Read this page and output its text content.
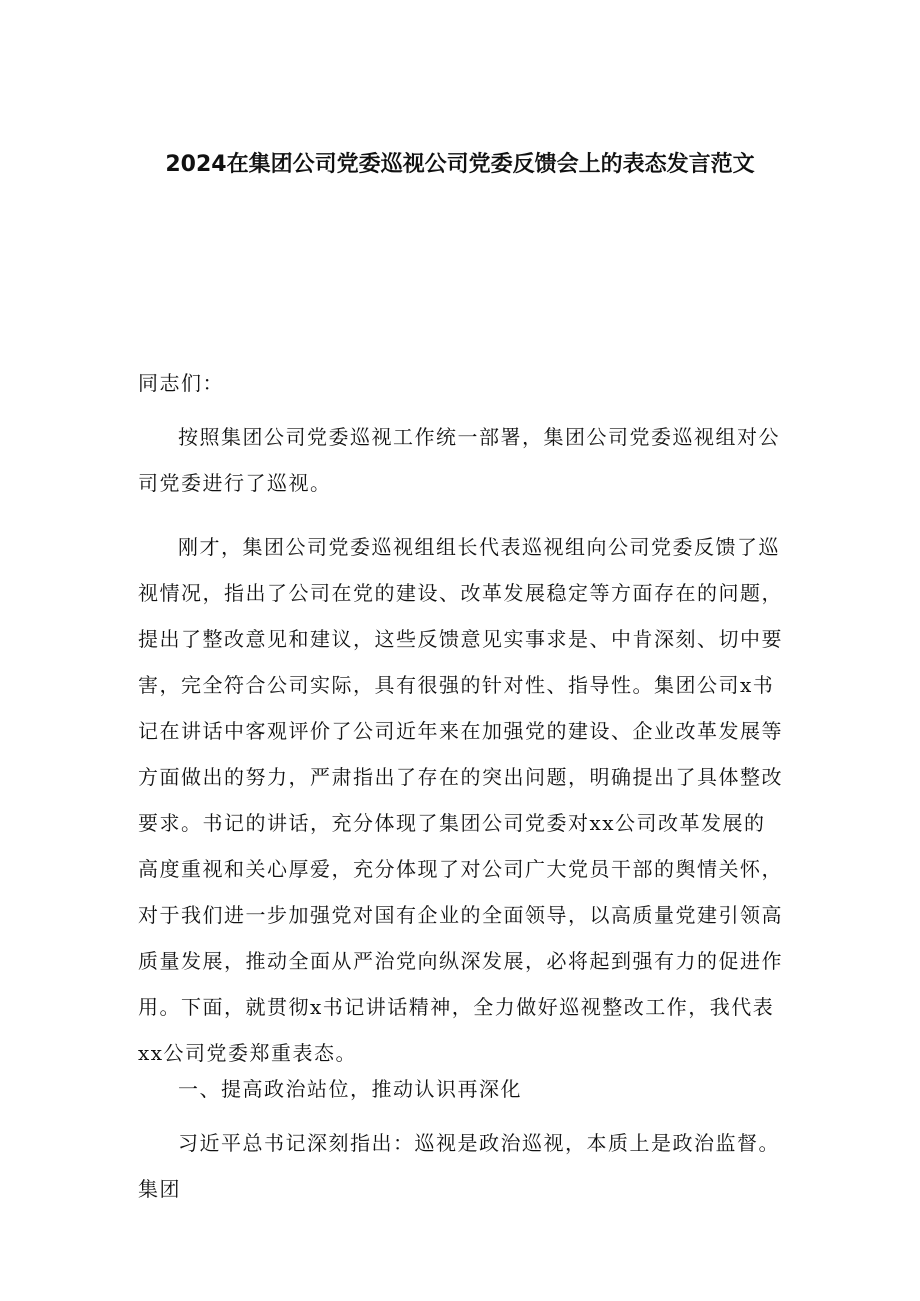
2024在集团公司党委巡视公司党委反馈会上的表态发言范文

同志们：

按照集团公司党委巡视工作统一部署，集团公司党委巡视组对公司党委进行了巡视。

刚才，集团公司党委巡视组组长代表巡视组向公司党委反馈了巡视情况，指出了公司在党的建设、改革发展稳定等方面存在的问题，提出了整改意见和建议，这些反馈意见实事求是、中肯深刻、切中要害，完全符合公司实际，具有很强的针对性、指导性。集团公司x书记在讲话中客观评价了公司近年来在加强党的建设、企业改革发展等方面做出的努力，严肃指出了存在的突出问题，明确提出了具体整改要求。书记的讲话，充分体现了集团公司党委对xx公司改革发展的高度重视和关心厚爱，充分体现了对公司广大党员干部的舆情关怀，对于我们进一步加强党对国有企业的全面领导，以高质量党建引领高质量发展，推动全面从严治党向纵深发展，必将起到强有力的促进作用。下面，就贯彻x书记讲话精神，全力做好巡视整改工作，我代表xx公司党委郑重表态。

一、提高政治站位，推动认识再深化

习近平总书记深刻指出：巡视是政治巡视，本质上是政治监督。集团
